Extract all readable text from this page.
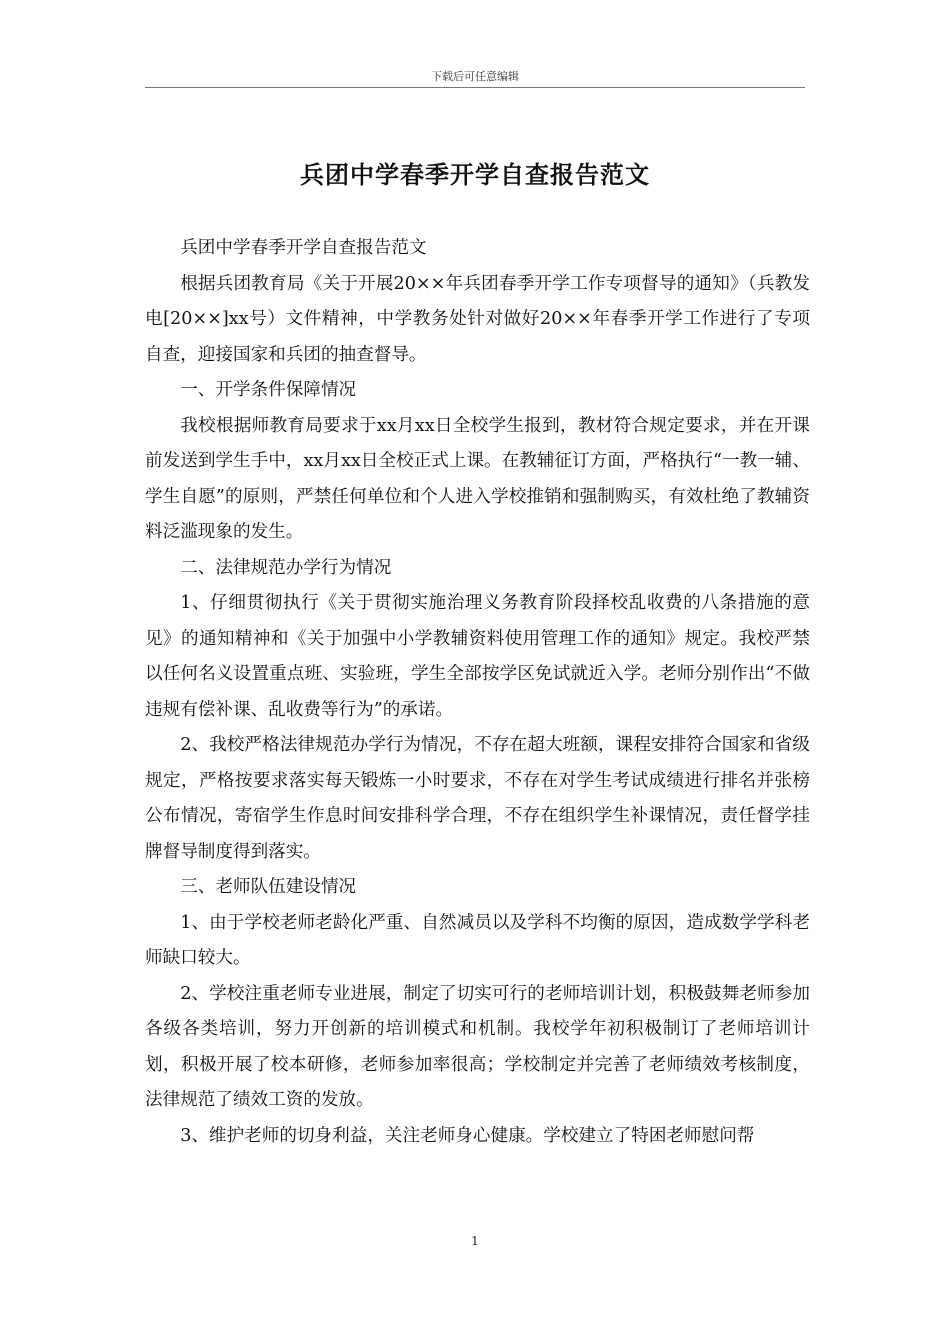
下载后可任意编辑
兵团中学春季开学自查报告范文

兵团中学春季开学自查报告范文

根据兵团教育局《关于开展20××年兵团春季开学工作专项督导的通知》（兵教发电[20××]xx号）文件精神，中学教务处针对做好20××年春季开学工作进行了专项自查，迎接国家和兵团的抽查督导。

一、开学条件保障情况

我校根据师教育局要求于xx月xx日全校学生报到，教材符合规定要求，并在开课前发送到学生手中，xx月xx日全校正式上课。在教辅征订方面，严格执行“一教一辅、学生自愿”的原则，严禁任何单位和个人进入学校推销和强制购买，有效杜绝了教辅资料泛滥现象的发生。

二、法律规范办学行为情况

1、仔细贯彻执行《关于贯彻实施治理义务教育阶段择校乱收费的八条措施的意见》的通知精神和《关于加强中小学教辅资料使用管理工作的通知》规定。我校严禁以任何名义设置重点班、实验班，学生全部按学区免试就近入学。老师分别作出“不做违规有偿补课、乱收费等行为”的承诺。

2、我校严格法律规范办学行为情况，不存在超大班额，课程安排符合国家和省级规定，严格按要求落实每天锻炼一小时要求，不存在对学生考试成绩进行排名并张榜公布情况，寄宿学生作息时间安排科学合理，不存在组织学生补课情况，责任督学挂牌督导制度得到落实。

三、老师队伍建设情况

1、由于学校老师老龄化严重、自然减员以及学科不均衡的原因，造成数学学科老师缺口较大。

2、学校注重老师专业进展，制定了切实可行的老师培训计划，积极鼓舞老师参加各级各类培训，努力开创新的培训模式和机制。我校学年初积极制订了老师培训计划，积极开展了校本研修，老师参加率很高；学校制定并完善了老师绩效考核制度，法律规范了绩效工资的发放。

3、维护老师的切身利益，关注老师身心健康。学校建立了特困老师慰问帮

1
